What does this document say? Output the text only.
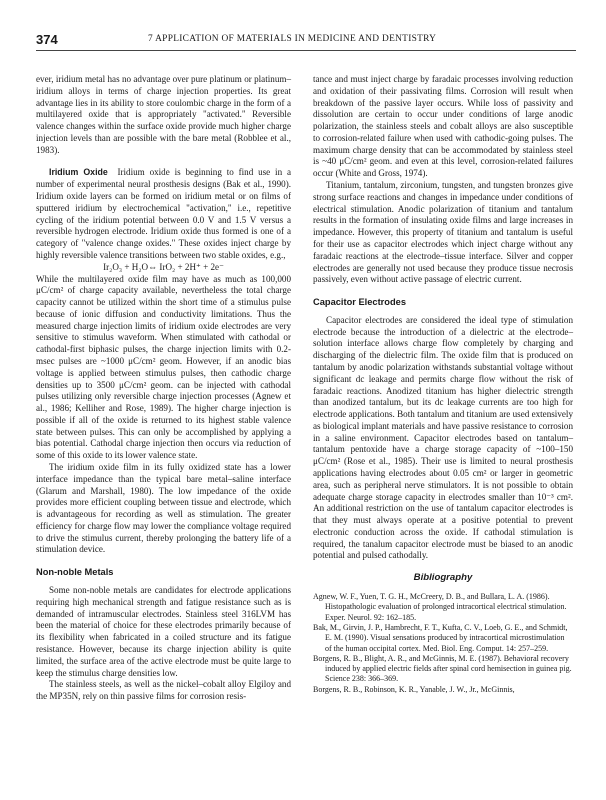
374	7 APPLICATION OF MATERIALS IN MEDICINE AND DENTISTRY

ever, iridium metal has no advantage over pure platinum or platinum–iridium alloys in terms of charge injection properties. Its great advantage lies in its ability to store coulombic charge in the form of a multilayered oxide that is appropriately "activated." Reversible valence changes within the surface oxide provide much higher charge injection levels than are possible with the bare metal (Robblee et al., 1983).

Iridium Oxide Iridium oxide is beginning to find use in a number of experimental neural prosthesis designs (Bak et al., 1990). Iridium oxide layers can be formed on iridium metal or on films of sputtered iridium by electrochemical "activation," i.e., repetitive cycling of the iridium potential between 0.0 V and 1.5 V versus a reversible hydrogen electrode. Iridium oxide thus formed is one of a category of "valence change oxides." These oxides inject charge by highly reversible valence transitions between two stable oxides, e.g.,

Ir₂O₃ + H₂O⇔ IrO₂ + 2H⁺ + 2e⁻

While the multilayered oxide film may have as much as 100,000 μC/cm² of charge capacity available, nevertheless the total charge capacity cannot be utilized within the short time of a stimulus pulse because of ionic diffusion and conductivity limitations. Thus the measured charge injection limits of iridium oxide electrodes are very sensitive to stimulus waveform. When stimulated with cathodal or cathodal-first biphasic pulses, the charge injection limits with 0.2-msec pulses are ~1000 μC/cm² geom. However, if an anodic bias voltage is applied between stimulus pulses, then cathodic charge densities up to 3500 μC/cm² geom. can be injected with cathodal pulses utilizing only reversible charge injection processes (Agnew et al., 1986; Kelliher and Rose, 1989). The higher charge injection is possible if all of the oxide is returned to its highest stable valence state between pulses. This can only be accomplished by applying a bias potential. Cathodal charge injection then occurs via reduction of some of this oxide to its lower valence state.

The iridium oxide film in its fully oxidized state has a lower interface impedance than the typical bare metal–saline interface (Glarum and Marshall, 1980). The low impedance of the oxide provides more efficient coupling between tissue and electrode, which is advantageous for recording as well as stimulation. The greater efficiency for charge flow may lower the compliance voltage required to drive the stimulus current, thereby prolonging the battery life of a stimulation device.

Non-noble Metals

Some non-noble metals are candidates for electrode applications requiring high mechanical strength and fatigue resistance such as is demanded of intramuscular electrodes. Stainless steel 316LVM has been the material of choice for these electrodes primarily because of its flexibility when fabricated in a coiled structure and its fatigue resistance. However, because its charge injection ability is quite limited, the surface area of the active electrode must be quite large to keep the stimulus charge densities low.

The stainless steels, as well as the nickel–cobalt alloy Elgiloy and the MP35N, rely on thin passive films for corrosion resis-

tance and must inject charge by faradaic processes involving reduction and oxidation of their passivating films. Corrosion will result when breakdown of the passive layer occurs. While loss of passivity and dissolution are certain to occur under conditions of large anodic polarization, the stainless steels and cobalt alloys are also susceptible to corrosion-related failure when used with cathodic-going pulses. The maximum charge density that can be accommodated by stainless steel is ~40 μC/cm² geom. and even at this level, corrosion-related failures occur (White and Gross, 1974).

Titanium, tantalum, zirconium, tungsten, and tungsten bronzes give strong surface reactions and changes in impedance under conditions of electrical stimulation. Anodic polarization of titanium and tantalum results in the formation of insulating oxide films and large increases in impedance. However, this property of titanium and tantalum is useful for their use as capacitor electrodes which inject charge without any faradaic reactions at the electrode–tissue interface. Silver and copper electrodes are generally not used because they produce tissue necrosis passively, even without active passage of electric current.

Capacitor Electrodes

Capacitor electrodes are considered the ideal type of stimulation electrode because the introduction of a dielectric at the electrode–solution interface allows charge flow completely by charging and discharging of the dielectric film. The oxide film that is produced on tantalum by anodic polarization withstands substantial voltage without significant dc leakage and permits charge flow without the risk of faradaic reactions. Anodized titanium has higher dielectric strength than anodized tantalum, but its dc leakage currents are too high for electrode applications. Both tantalum and titanium are used extensively as biological implant materials and have passive resistance to corrosion in a saline environment. Capacitor electrodes based on tantalum–tantalum pentoxide have a charge storage capacity of ~100–150 μC/cm² (Rose et al., 1985). Their use is limited to neural prosthesis applications having electrodes about 0.05 cm² or larger in geometric area, such as peripheral nerve stimulators. It is not possible to obtain adequate charge storage capacity in electrodes smaller than 10⁻³ cm². An additional restriction on the use of tantalum capacitor electrodes is that they must always operate at a positive potential to prevent electronic conduction across the oxide. If cathodal stimulation is required, the tanalum capacitor electrode must be biased to an anodic potential and pulsed cathodally.

Bibliography

Agnew, W. F., Yuen, T. G. H., McCreery, D. B., and Bullara, L. A. (1986). Histopathologic evaluation of prolonged intracortical electrical stimulation. Exper. Neurol. 92: 162–185.

Bak, M., Girvin, J. P., Hambrecht, F. T., Kufta, C. V., Loeb, G. E., and Schmidt, E. M. (1990). Visual sensations produced by intracortical microstimulation of the human occipital cortex. Med. Biol. Eng. Comput. 14: 257–259.

Borgens, R. B., Blight, A. R., and McGinnis, M. E. (1987). Behavioral recovery induced by applied electric fields after spinal cord hemisection in guinea pig. Science 238: 366–369.

Borgens, R. B., Robinson, K. R., Yanable, J. W., Jr., McGinnis,
